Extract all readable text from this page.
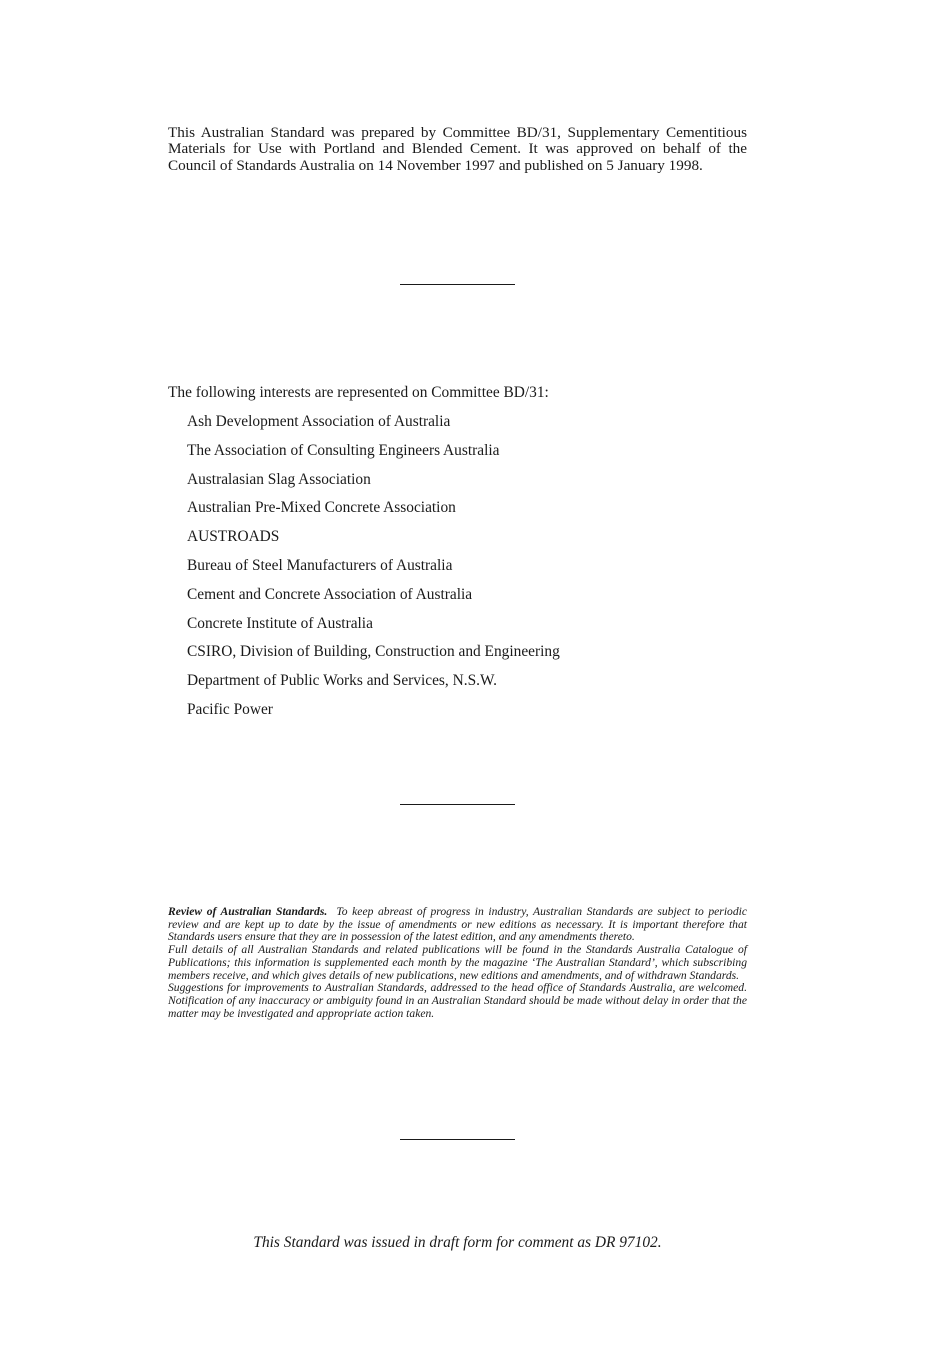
This Australian Standard was prepared by Committee BD/31, Supplementary Cementitious Materials for Use with Portland and Blended Cement. It was approved on behalf of the Council of Standards Australia on 14 November 1997 and published on 5 January 1998.
The following interests are represented on Committee BD/31:
Ash Development Association of Australia
The Association of Consulting Engineers Australia
Australasian Slag Association
Australian Pre-Mixed Concrete Association
AUSTROADS
Bureau of Steel Manufacturers of Australia
Cement and Concrete Association of Australia
Concrete Institute of Australia
CSIRO, Division of Building, Construction and Engineering
Department of Public Works and Services, N.S.W.
Pacific Power

Review of Australian Standards. To keep abreast of progress in industry, Australian Standards are subject to periodic review and are kept up to date by the issue of amendments or new editions as necessary. It is important therefore that Standards users ensure that they are in possession of the latest edition, and any amendments thereto.

Full details of all Australian Standards and related publications will be found in the Standards Australia Catalogue of Publications; this information is supplemented each month by the magazine ‘The Australian Standard’, which subscribing members receive, and which gives details of new publications, new editions and amendments, and of withdrawn Standards.

Suggestions for improvements to Australian Standards, addressed to the head office of Standards Australia, are welcomed. Notification of any inaccuracy or ambiguity found in an Australian Standard should be made without delay in order that the matter may be investigated and appropriate action taken.

This Standard was issued in draft form for comment as DR 97102.
